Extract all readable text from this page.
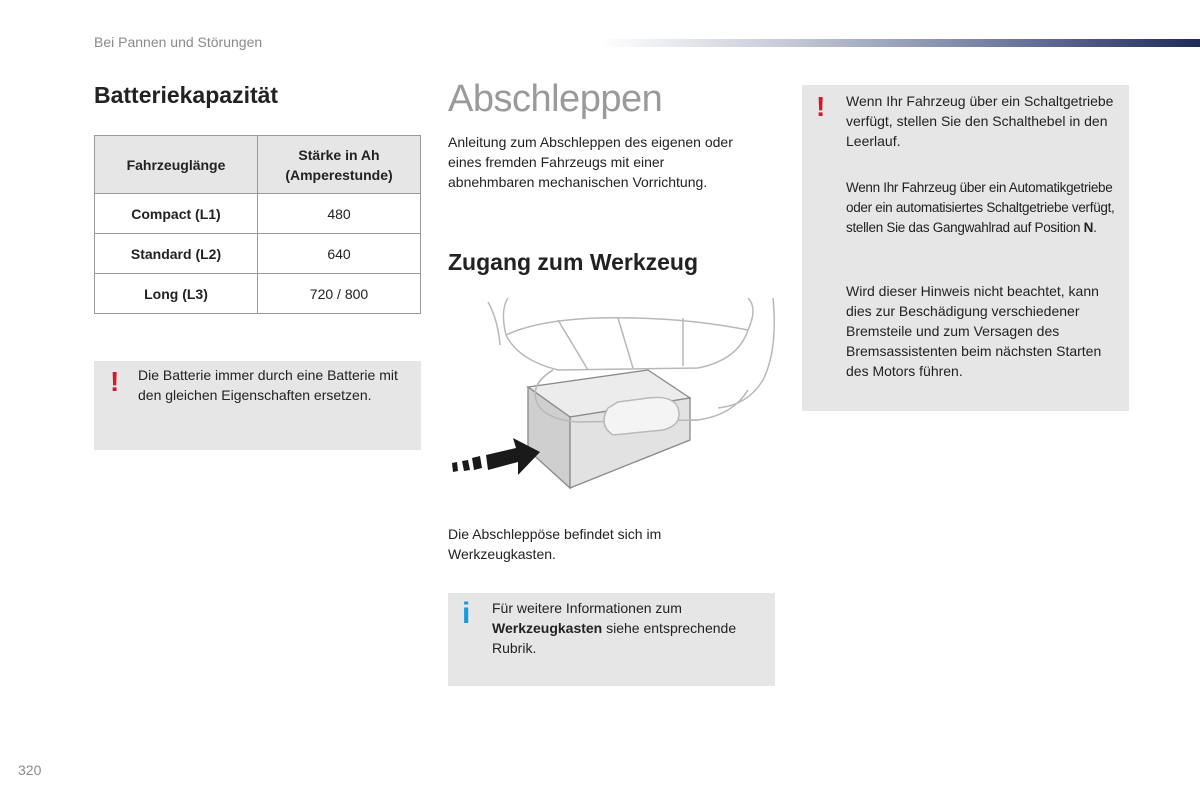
Bei Pannen und Störungen
Batteriekapazität
Fahrzeuglänge	Stärke in Ah
(Amperestunde)
Compact (L1)	480
Standard (L2)	640
Long (L3)	720 / 800
! Die Batterie immer durch eine Batterie mit den gleichen Eigenschaften ersetzen.

Abschleppen

Anleitung zum Abschleppen des eigenen oder eines fremden Fahrzeugs mit einer abnehmbaren mechanischen Vorrichtung.

Zugang zum Werkzeug

Die Abschleppöse befindet sich im Werkzeugkasten.

i Für weitere Informationen zum Werkzeugkasten siehe entsprechende Rubrik.

! Wenn Ihr Fahrzeug über ein Schaltgetriebe verfügt, stellen Sie den Schalthebel in den Leerlauf.

Wenn Ihr Fahrzeug über ein Automatikgetriebe oder ein automatisiertes Schaltgetriebe verfügt, stellen Sie das Gangwahlrad auf Position N.

Wird dieser Hinweis nicht beachtet, kann dies zur Beschädigung verschiedener Bremsteile und zum Versagen des Bremsassistenten beim nächsten Starten des Motors führen.

320
